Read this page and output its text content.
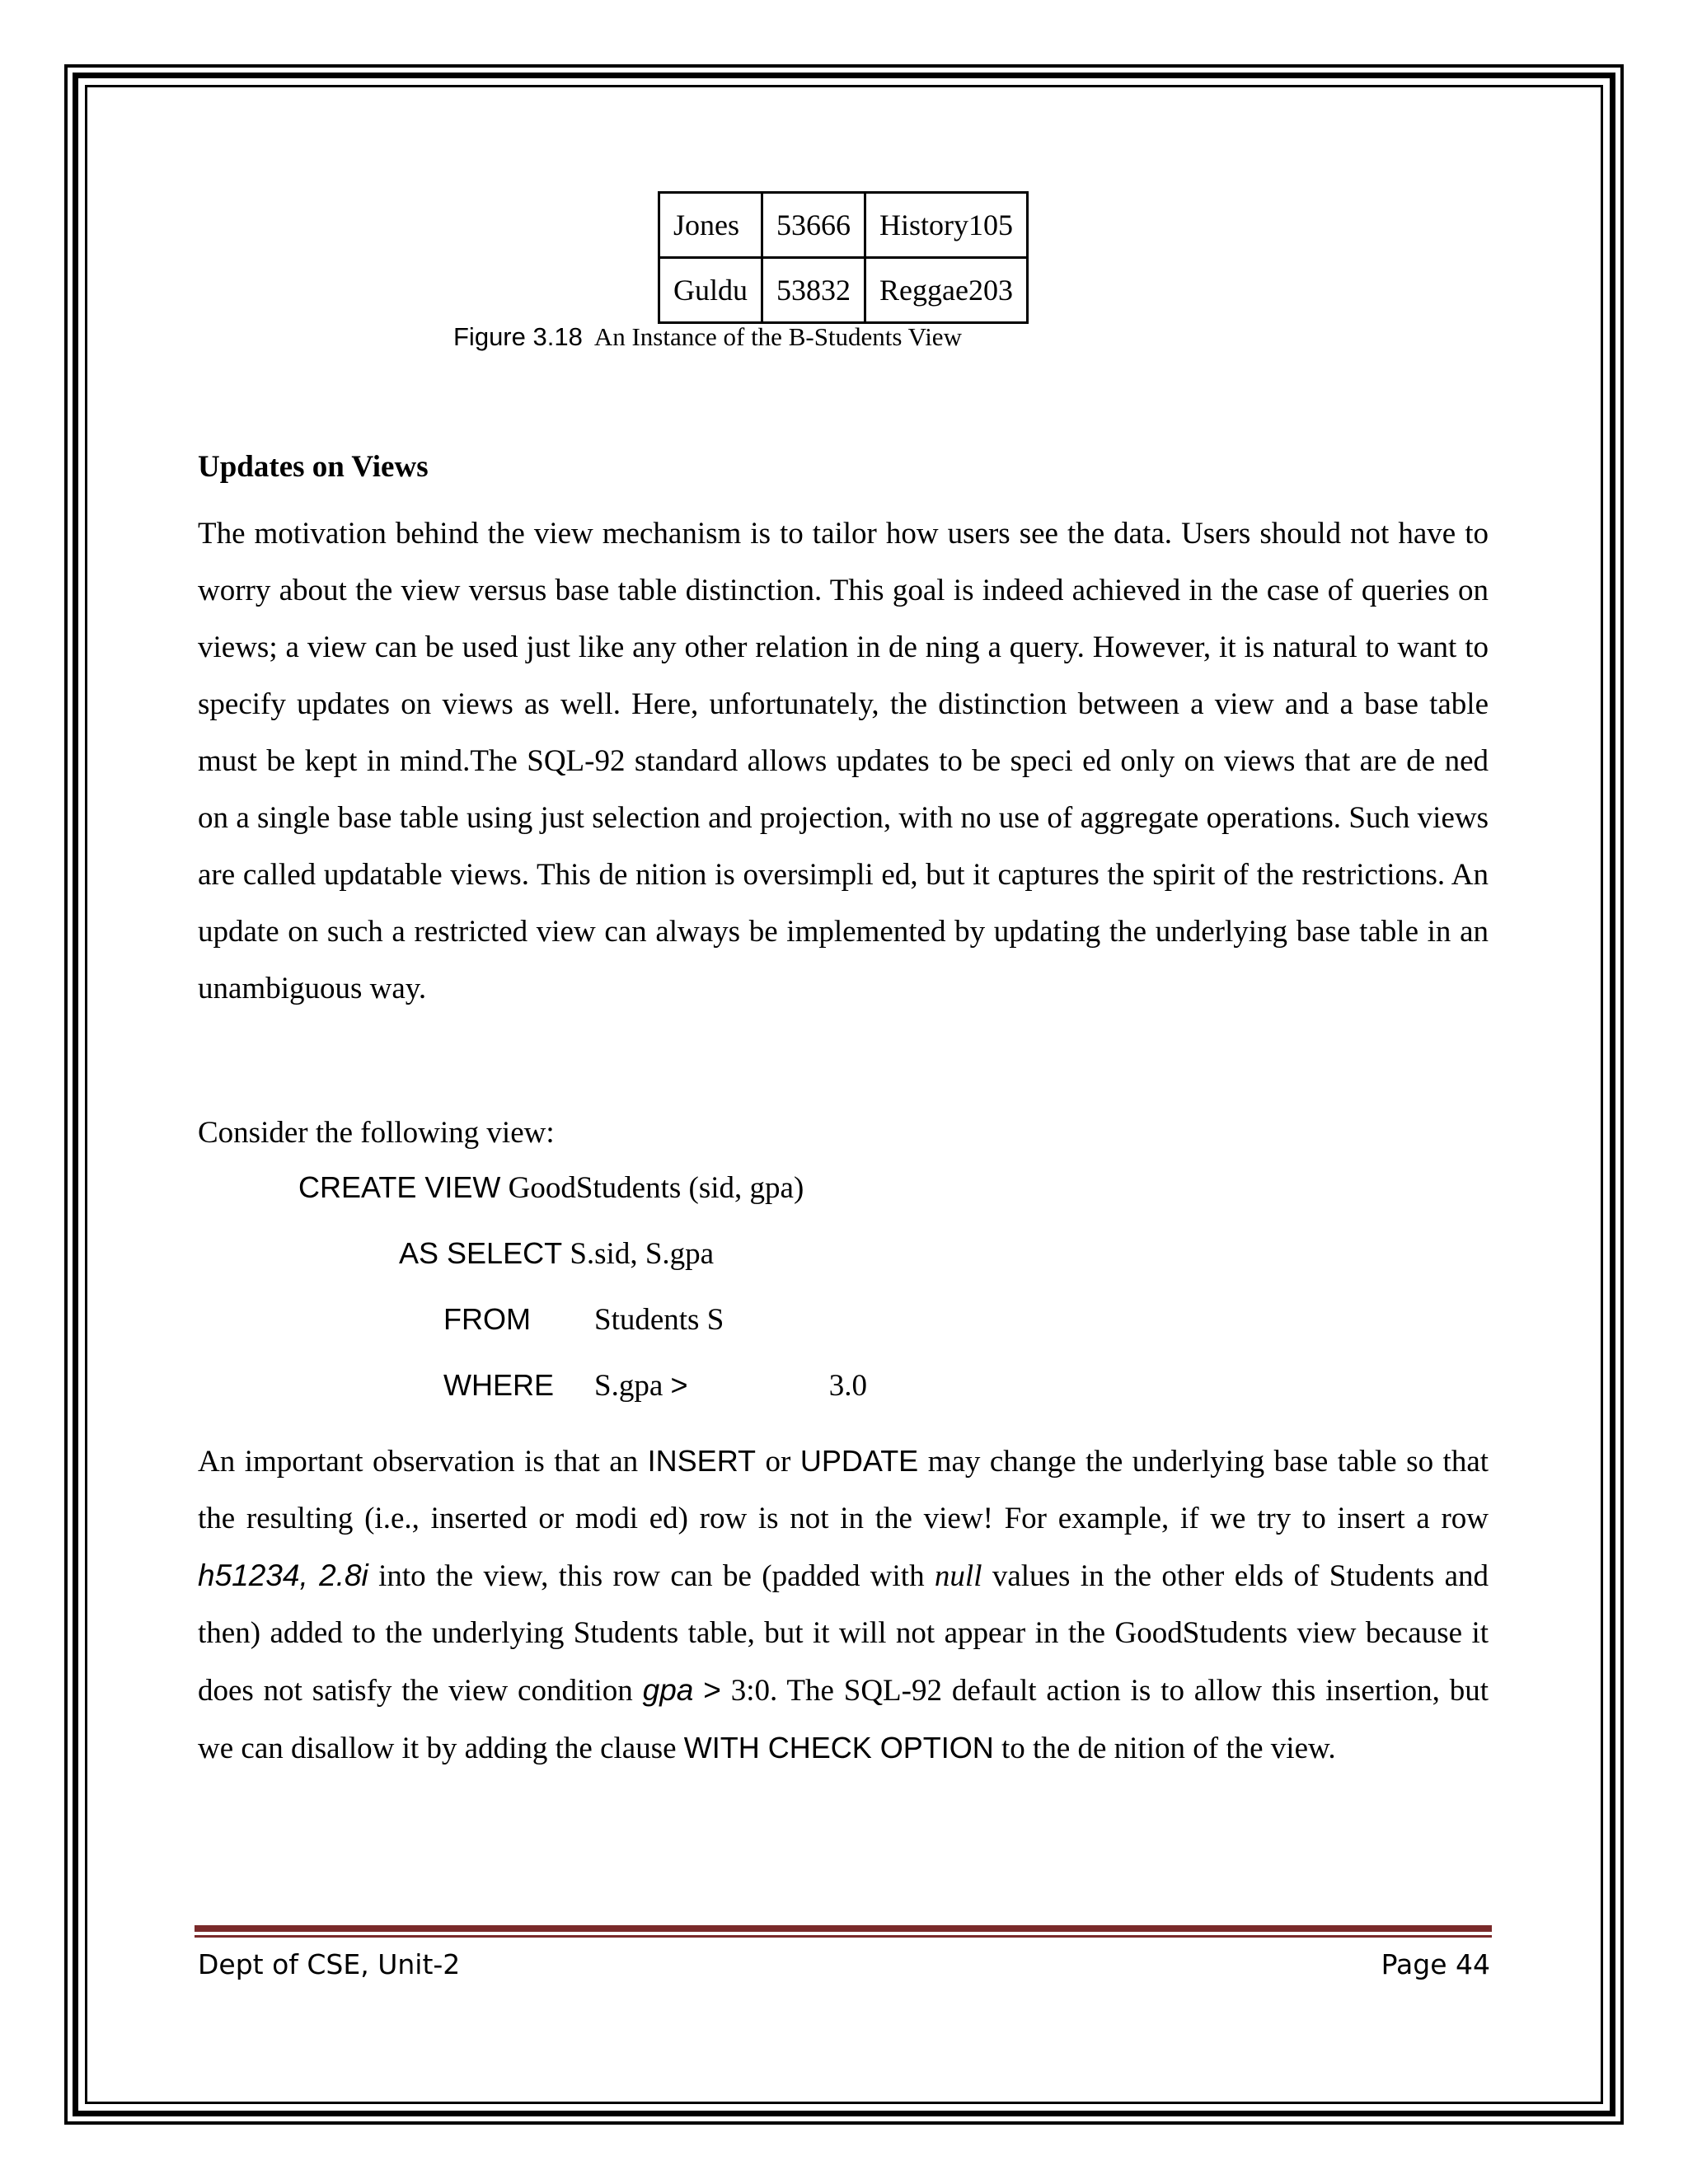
Jones	53666	History105
Guldu	53832	Reggae203
Figure 3.18 An Instance of the B-Students View
Updates on Views

The motivation behind the view mechanism is to tailor how users see the data. Users should not have to worry about the view versus base table distinction. This goal is indeed achieved in the case of queries on views; a view can be used just like any other relation in de ning a query. However, it is natural to want to specify updates on views as well. Here, unfortunately, the distinction between a view and a base table must be kept in mind.The SQL-92 standard allows updates to be speci ed only on views that are de ned on a single base table using just selection and projection, with no use of aggregate operations. Such views are called updatable views. This de nition is oversimpli ed, but it captures the spirit of the restrictions. An update on such a restricted view can always be implemented by updating the underlying base table in an unambiguous way.

Consider the following view:

CREATE VIEW GoodStudents (sid, gpa)
AS SELECT S.sid, S.gpa
FROM Students S
WHERE S.gpa >	3.0

An important observation is that an INSERT or UPDATE may change the underlying base table so that the resulting (i.e., inserted or modi ed) row is not in the view! For example, if we try to insert a row h51234, 2.8i into the view, this row can be (padded with null values in the other elds of Students and then) added to the underlying Students table, but it will not appear in the GoodStudents view because it does not satisfy the view condition gpa > 3:0. The SQL-92 default action is to allow this insertion, but we can disallow it by adding the clause WITH CHECK OPTION to the de nition of the view.

Dept of CSE, Unit-2	Page 44
